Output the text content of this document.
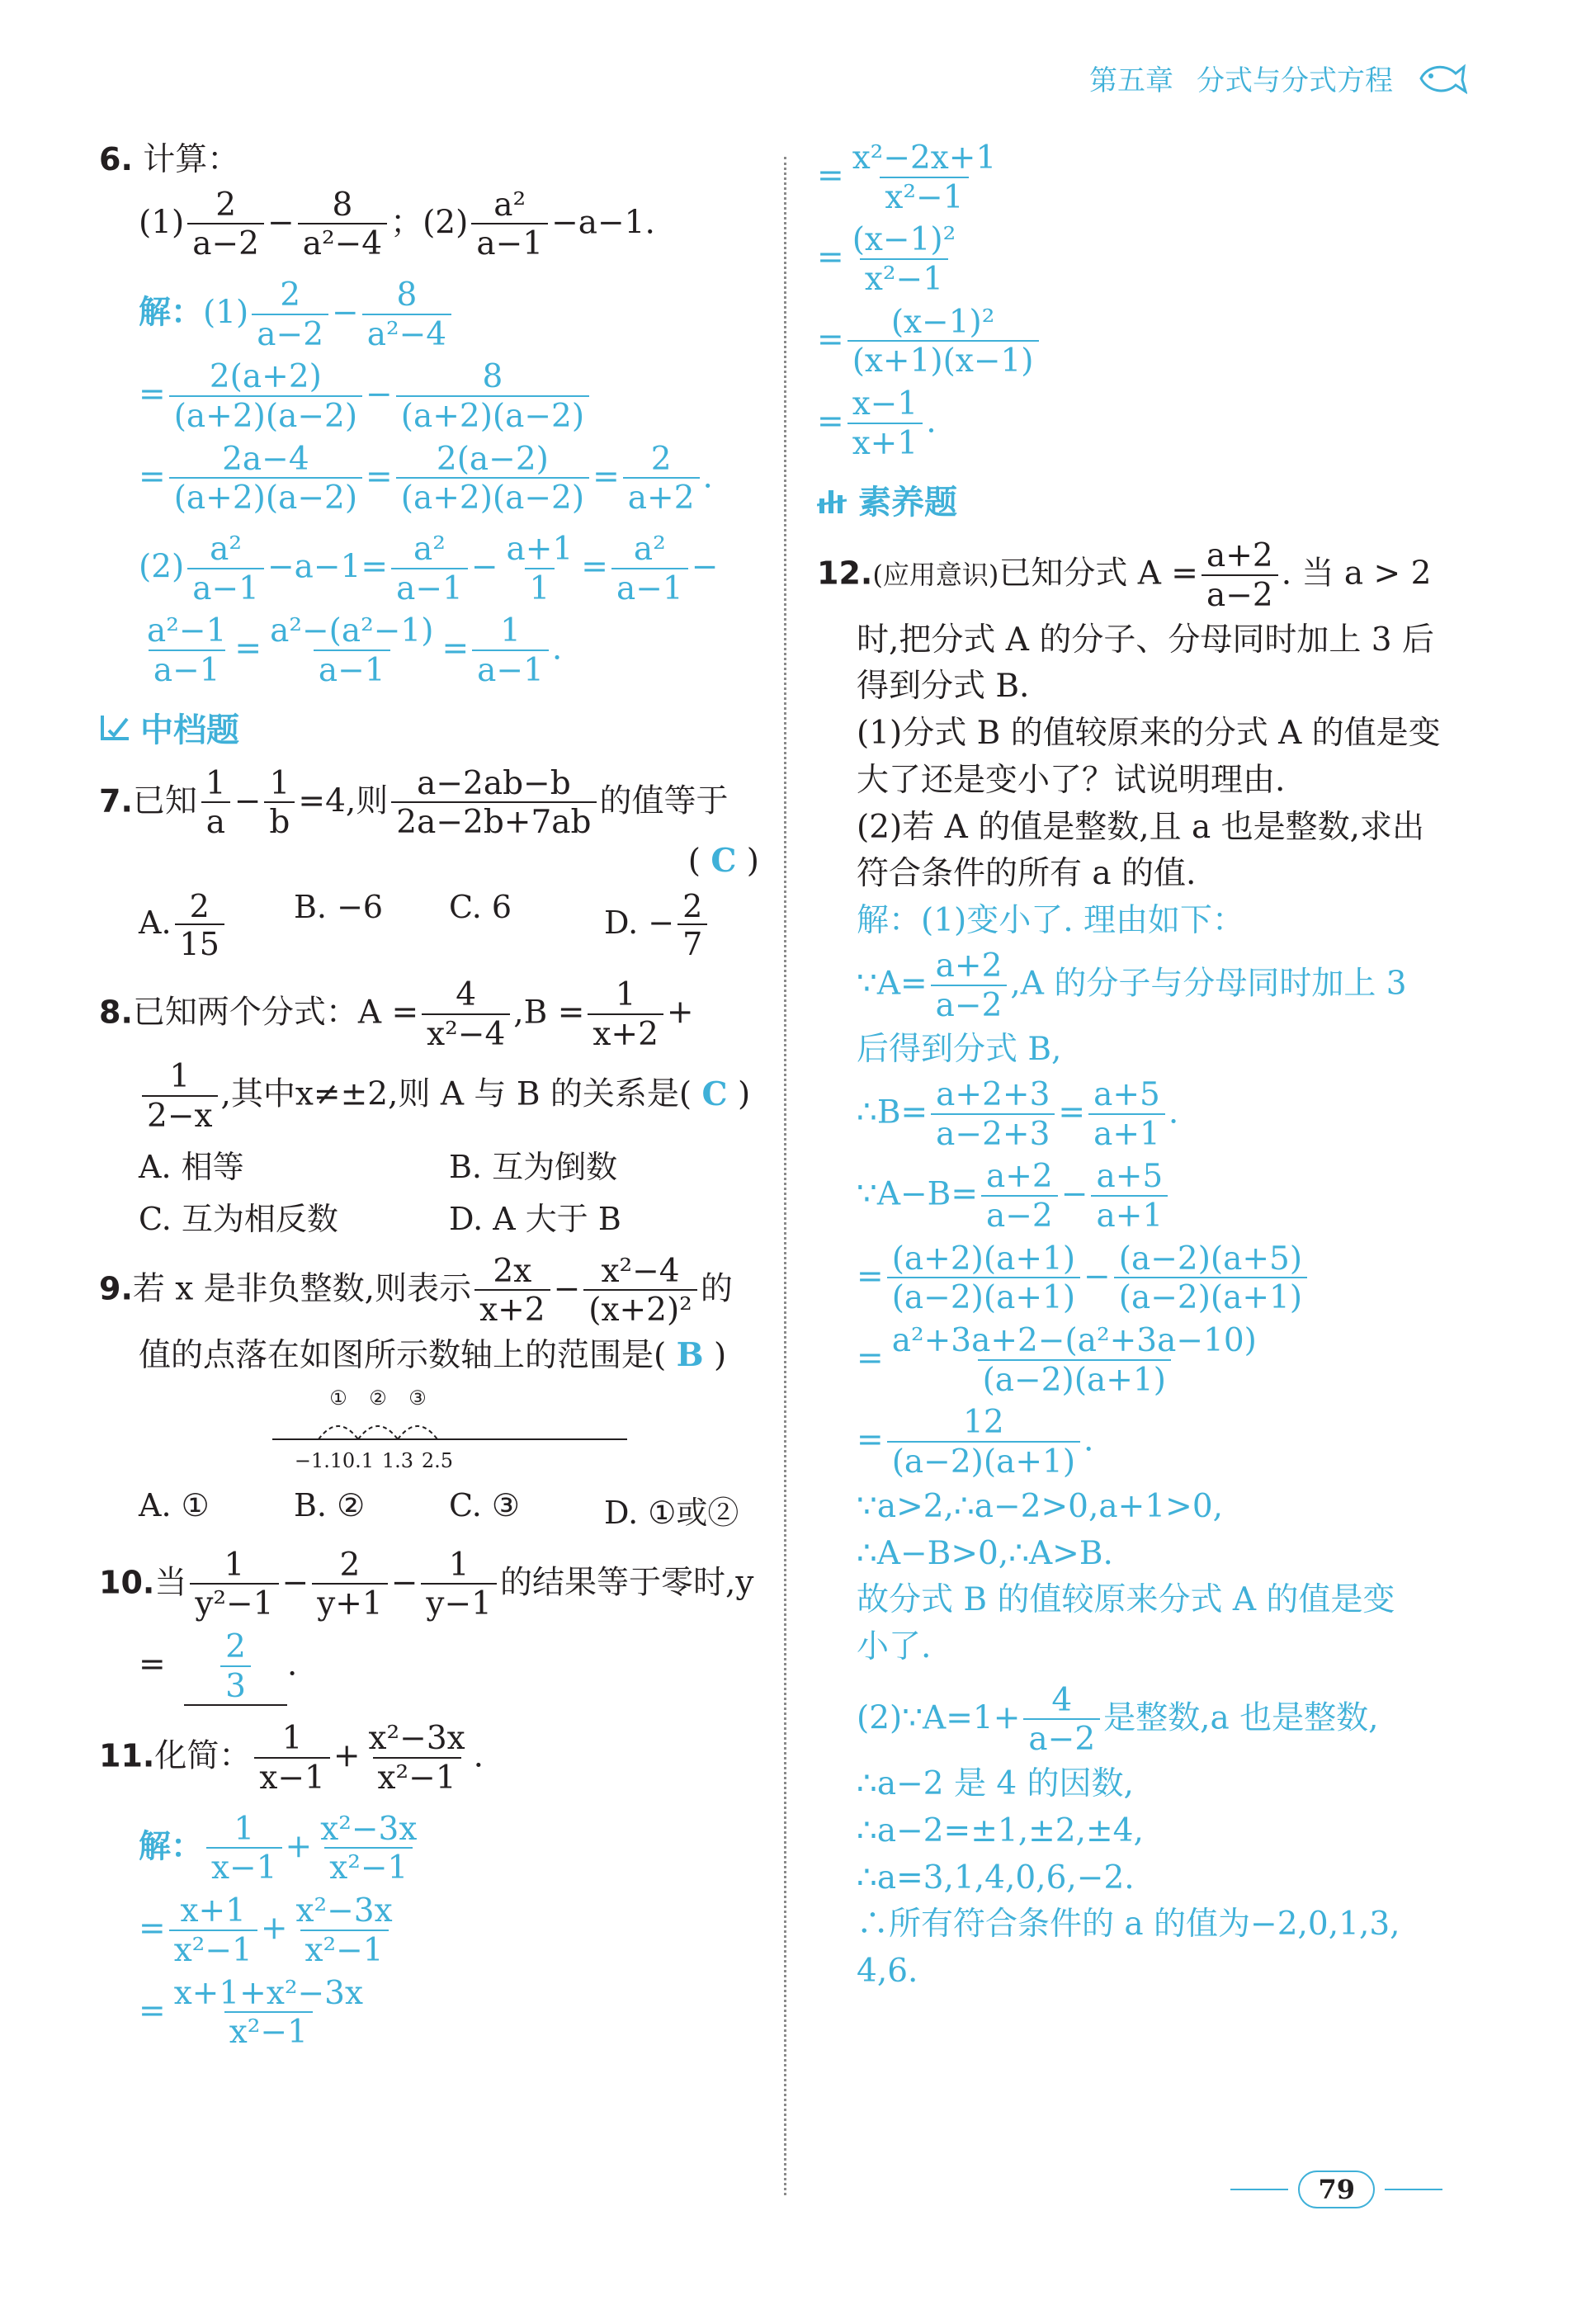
第五章 分式与分式方程
6. 计算：
$(1) \frac{2}{a-2} - \frac{8}{\text{a²−4}}$ ；$(2) \frac{\text{a²}}{a-1} -a-1$.
解：$(1) \frac{2}{a-2} - \frac{8}{\text{a²−4}}$
= $\frac{2(a+2)}{(a+2)(a-2)} - \frac{8}{(a+2)(a-2)}$
= $\frac{2a-4}{(a+2)(a-2)} = \frac{2(a-2)}{(a+2)(a-2)} = \frac{2}{a+2}$ .
$(2) \frac{\text{a²}}{a-1} -a-1= \frac{\text{a²}}{a-1} - \frac{a+1}{1} = \frac{\text{a²}}{a-1}$ −
$\frac{\text{a²−1}}{a-1} = \frac{\text{a²−(a²−1)}}{a-1} = \frac{1}{a-1}$ .
中档题
7.已知 $\frac{1}{a} - \frac{1}{b} =4$,则 $\frac{a-2ab-b}{2a-2b+7ab}$ 的值等于
( C )
A. $\frac{2}{15} B$. −6	C. 6	D. − $\frac{2}{7}$
8.已知两个分式：$A = \frac{4}{\text{x²−4}} ,B = \frac{1}{x+2}$ +
$\frac{1}{2-x}$ ,其中x≠±2,则 A 与 B 的关系是( C )
A. 相等	B. 互为倒数
C. 互为相反数	D. A 大于 B
9.若 x 是非负整数,则表示 $\frac{2x}{x+2} - \frac{\text{x²−4}}{\text{(x+2)²}}$ 的
值的点落在如图所示数轴上的范围是( B )
① ② ③
−1.1 0.1 1.3 2.5
A. ①	B. ②	C. ③	D. ①或②
10.当 $\frac{1}{\text{y²−1}} - \frac{2}{y+1} - \frac{1}{y-1}$ 的结果等于零时,y
= $\frac{2}{3}$ .
11.化简： $\frac{1}{x-1} + \frac{\text{x²−3x}}{\text{x²−1}}$ .
解： $\frac{1}{x-1} + \frac{\text{x²−3x}}{\text{x²−1}}$
= $\frac{x+1}{\text{x²−1}} + \frac{\text{x²−3x}}{\text{x²−1}}$
= $\frac{\text{x+1+x²−3x}}{\text{x²−1}}$
= $\frac{\text{x²−2x+1}}{\text{x²−1}}$
= $\frac{\text{(x−1)²}}{\text{x²−1}}$
= $\frac{\text{(x−1)²}}{(x+1)(x-1)}$
= $\frac{x-1}{x+1}$ .
素养题
12.(应用意识)已知分式 $A = \frac{a+2}{a-2}$ . 当 a > 2
时,把分式 A 的分子、分母同时加上 3 后
得到分式 B.
(1)分式 B 的值较原来的分式 A 的值是变
大了还是变小了？试说明理由.
(2)若 A 的值是整数,且 a 也是整数,求出
符合条件的所有 a 的值.
解：(1)变小了. 理由如下：
∵A= $\frac{a+2}{a-2} ,A$ 的分子与分母同时加上 3
后得到分式 B,
∴B= $\frac{a+2+3}{a-2+3} = \frac{a+5}{a+1}$ .
∵A−B= $\frac{a+2}{a-2} - \frac{a+5}{a+1}$
= $\frac{(a+2)(a+1)}{(a-2)(a+1)} - \frac{(a-2)(a+5)}{(a-2)(a+1)}$
= $\frac{\text{a²+3a+2−(a²+3a−10)}}{(a-2)(a+1)}$
= $\frac{12}{(a-2)(a+1)}$ .
∵a>2,∴a−2>0,a+1>0,
∴A−B>0,∴A>B.
故分式 B 的值较原来分式 A 的值是变
小了.
(2)∵A=1+ $\frac{4}{a-2}$ 是整数,a 也是整数,
∴a−2 是 4 的因数,
∴a−2=±1,±2,±4,
∴a=3,1,4,0,6,−2.
∴所有符合条件的 a 的值为−2,0,1,3,
4,6.
79
